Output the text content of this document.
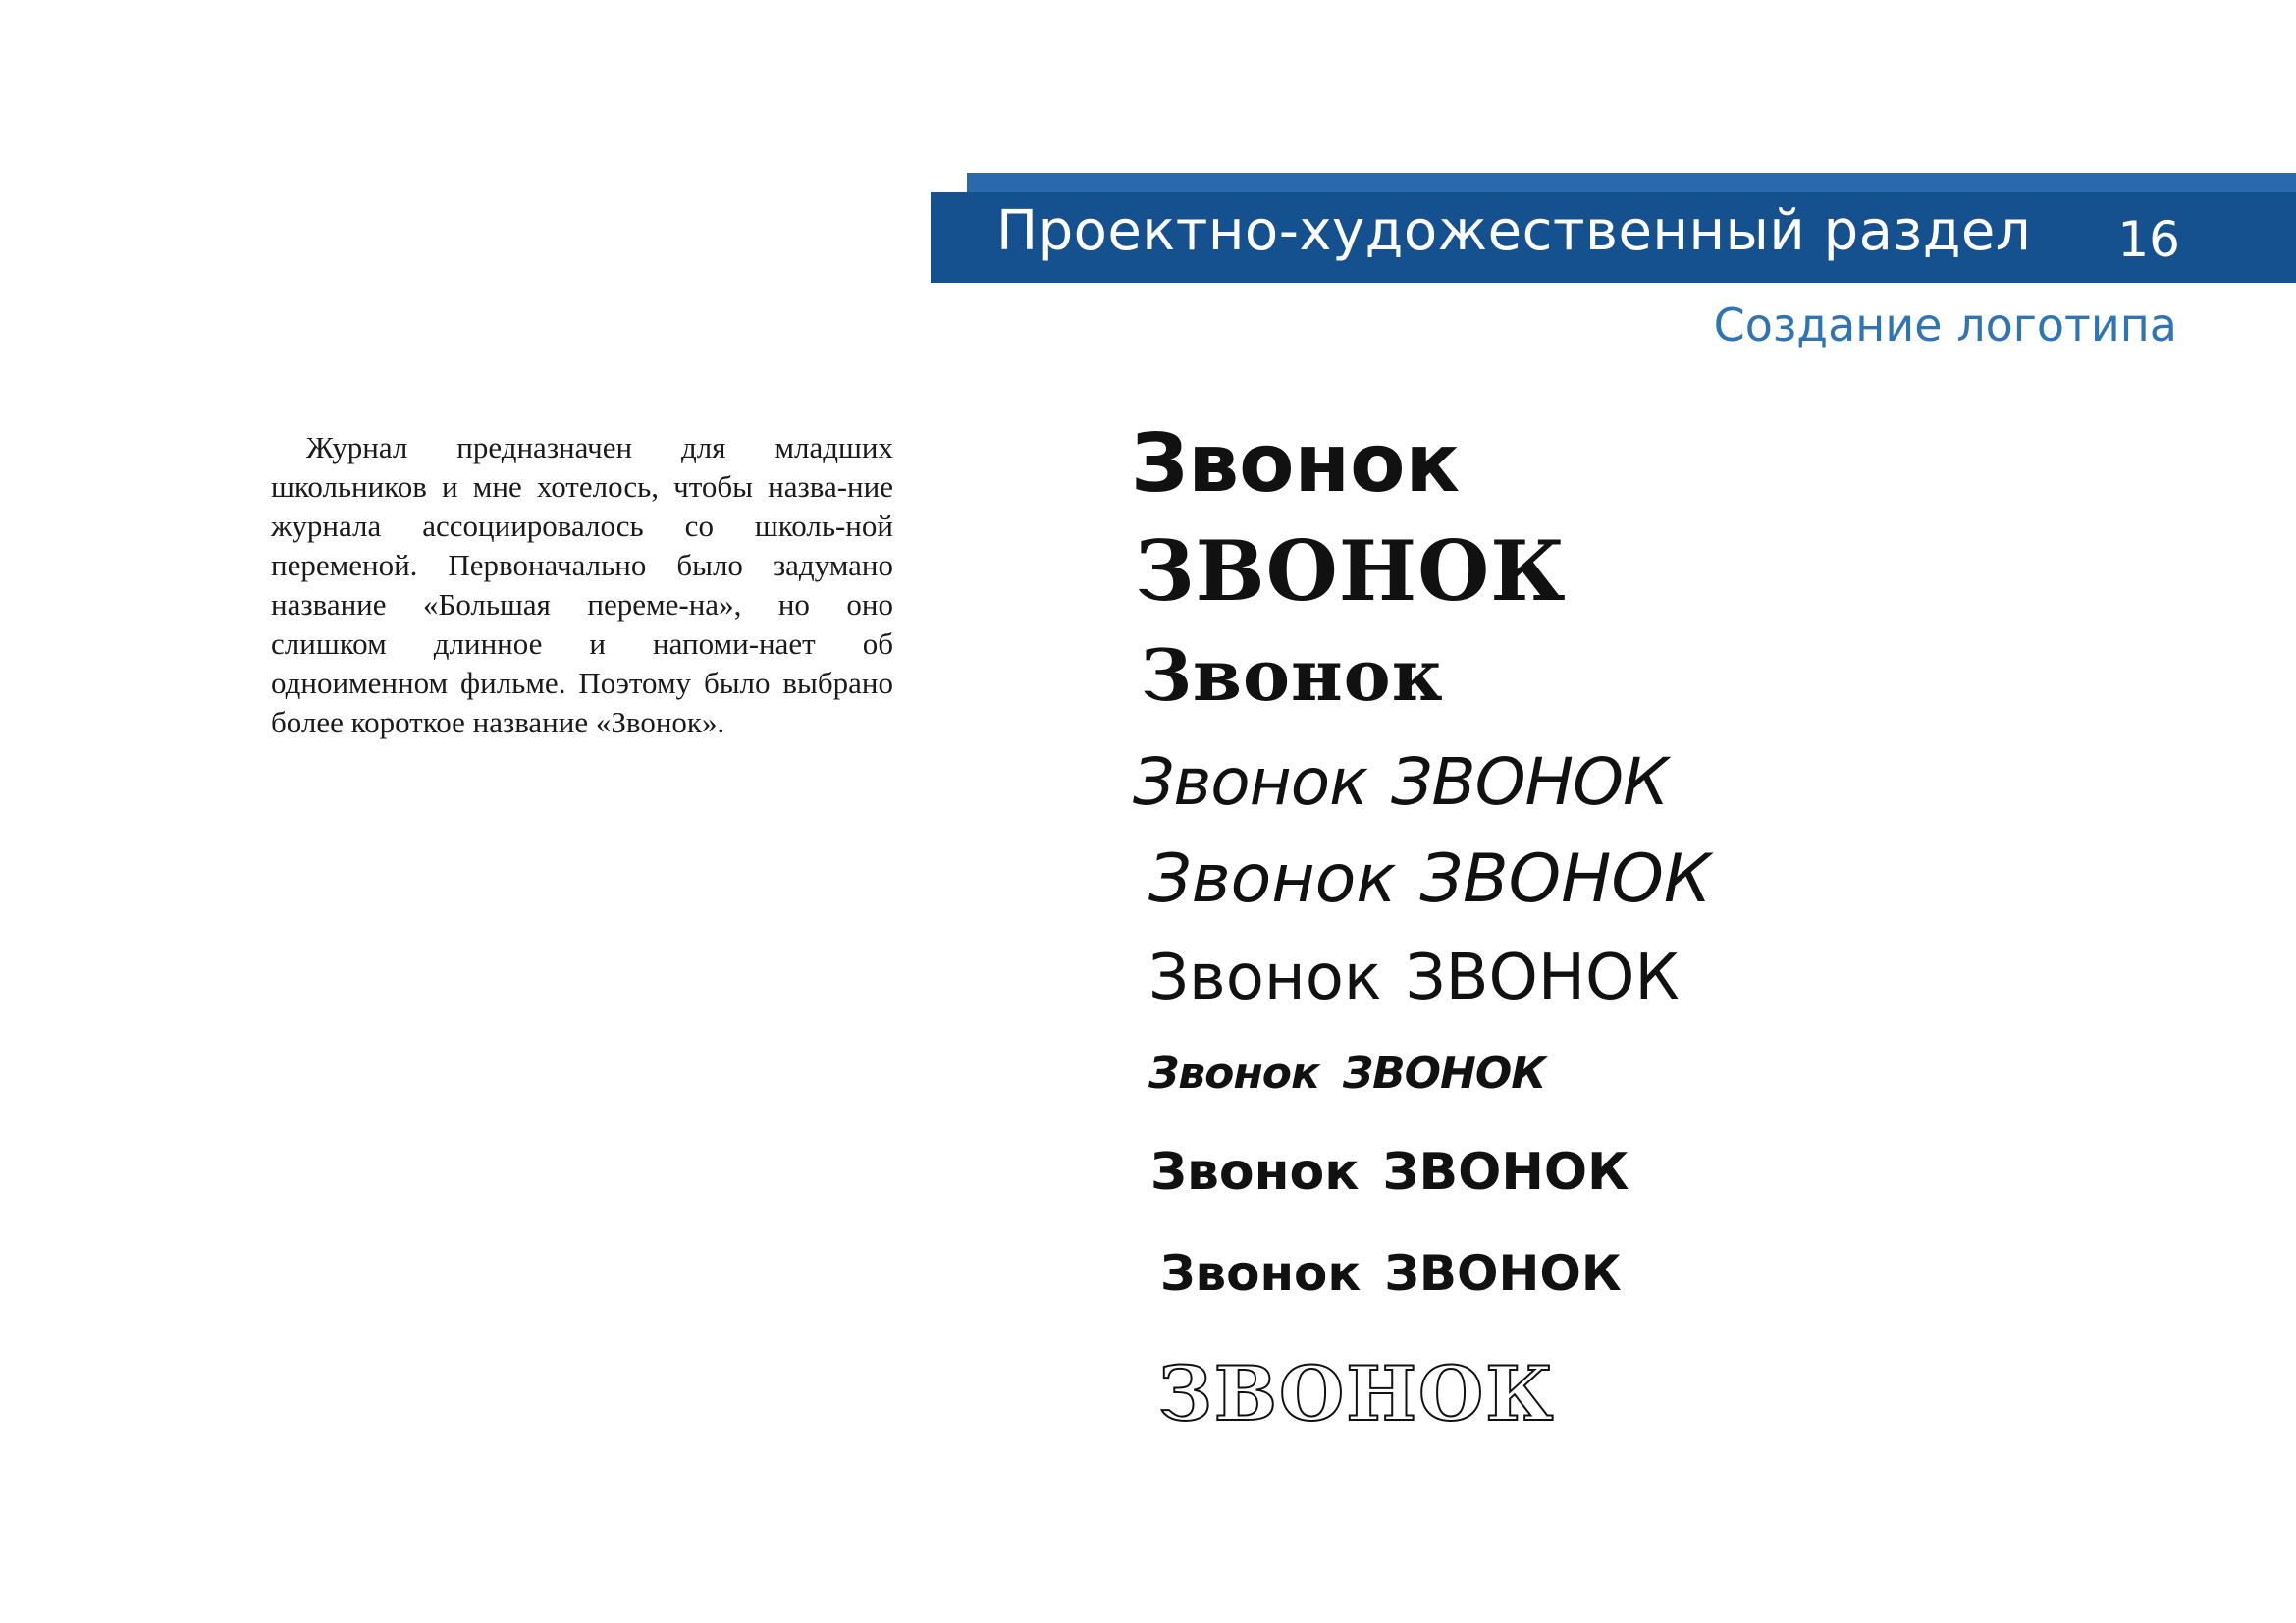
Проектно-художественный раздел 16
Создание логотипа

Журнал предназначен для младших школьников и мне хотелось, чтобы назва-ние журнала ассоциировалось со школь-ной переменой. Первоначально было задумано название «Большая переме-на», но оно слишком длинное и напоми-нает об одноименном фильме. Поэтому было выбрано более короткое название «Звонок».

Звонок
ЗВОНОК
Звонок
Звонок ЗВОНОК
Звонок ЗВОНОК
Звонок ЗВОНОК
Звонок ЗВОНОК
Звонок ЗВОНОК
Звонок ЗВОНОК
ЗВОНОК
